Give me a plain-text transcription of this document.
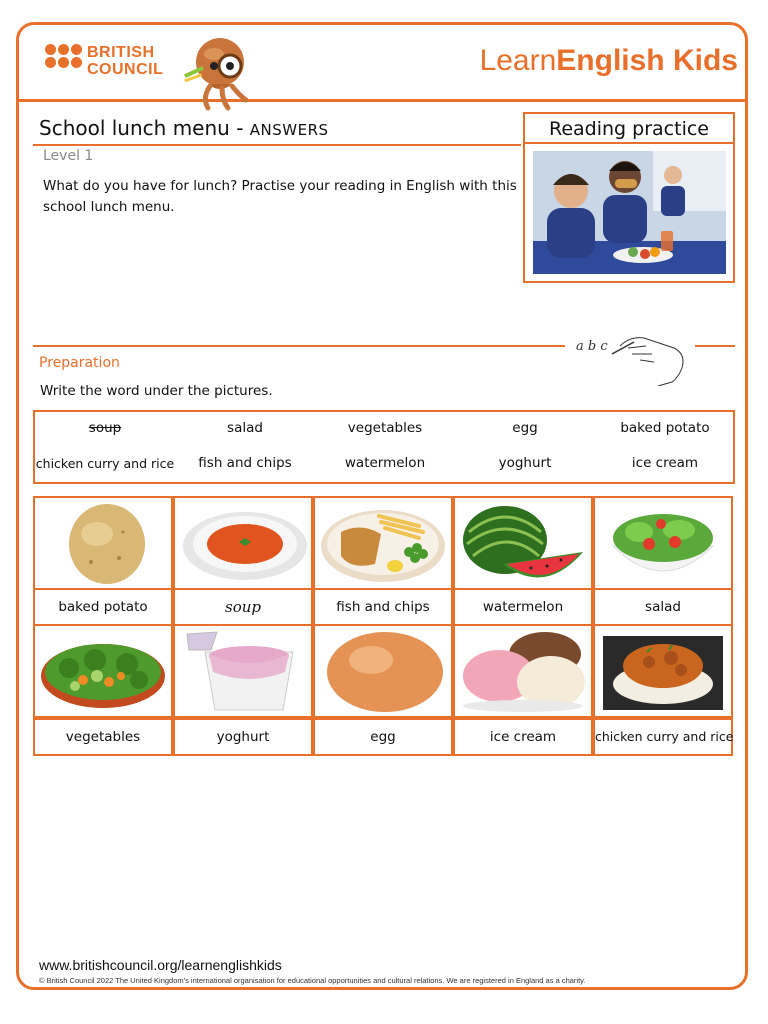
BRITISH
COUNCIL	LearnEnglish Kids
School lunch menu - ANSWERS
Level 1
What do you have for lunch? Practise your reading in English with this school lunch menu.
Reading practice
a b c
Preparation
Write the word under the pictures.
soup	salad	vegetables	egg	baked potato
chicken curry and rice	fish and chips	watermelon	yoghurt	ice cream
baked potato	soup	fish and chips	watermelon	salad
vegetables	yoghurt	egg	ice cream	chicken curry and rice
www.britishcouncil.org/learnenglishkids
© British Council 2022 The United Kingdom's international organisation for educational opportunities and cultural relations. We are registered in England as a charity.
